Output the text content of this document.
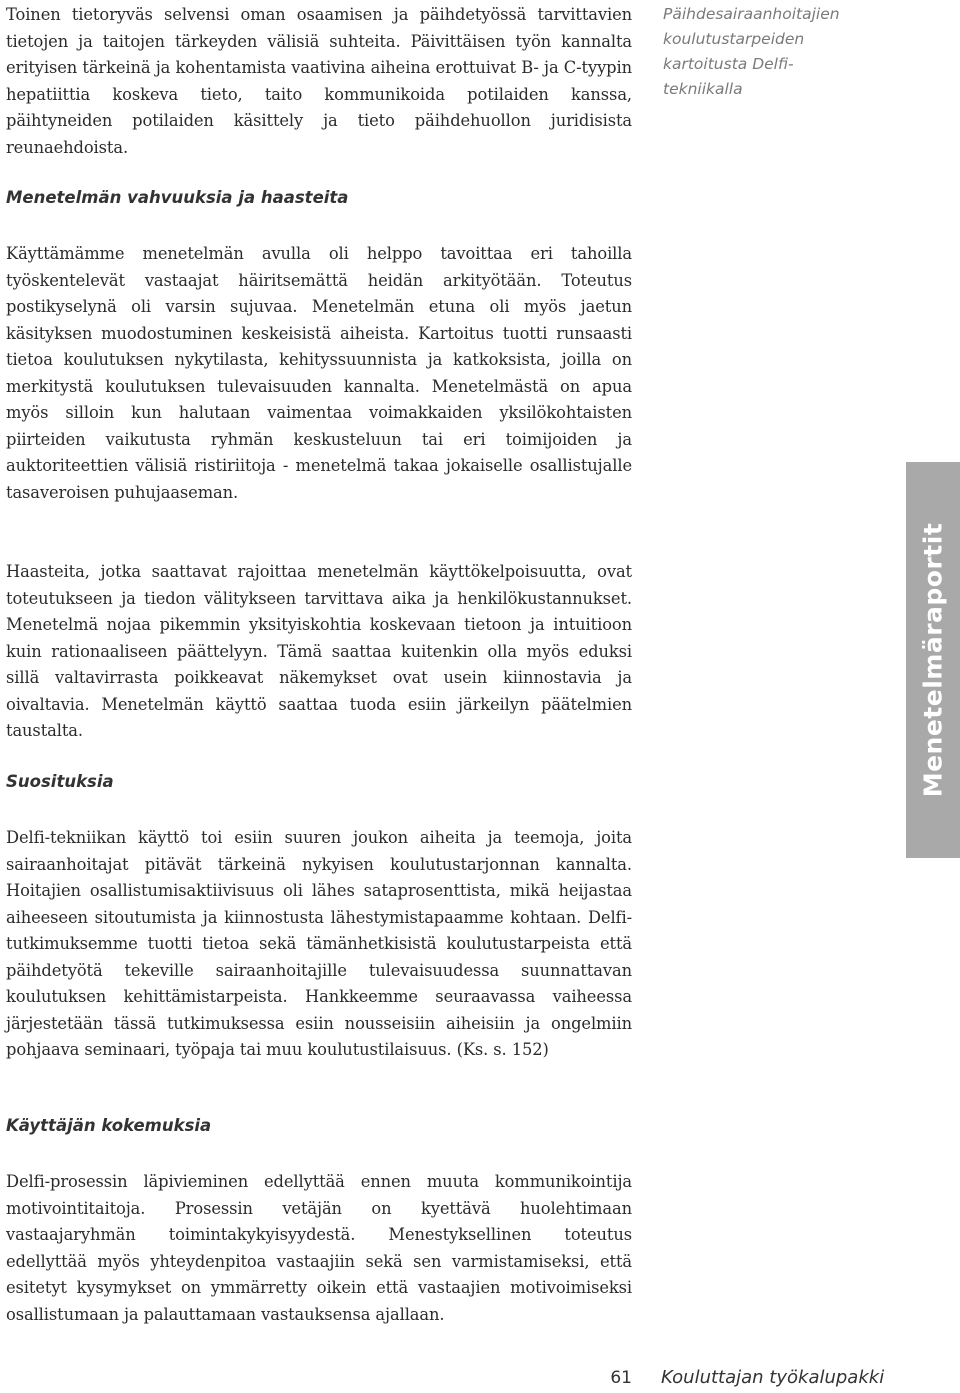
Toinen tietoryväs selvensi oman osaamisen ja päihdetyössä tarvittavien tietojen ja taitojen tärkeyden välisiä suhteita. Päivittäisen työn kannalta erityisen tärkeinä ja kohentamista vaativina aiheina erottuivat B- ja C-tyypin hepatiittia koskeva tieto, taito kommunikoida potilaiden kanssa, päihtyneiden potilaiden käsittely ja tieto päihdehuollon juridisista reunaehdoista.

Menetelmän vahvuuksia ja haasteita

Käyttämämme menetelmän avulla oli helppo tavoittaa eri tahoilla työskentelevät vastaajat häiritsemättä heidän arkityötään. Toteutus postikyselynä oli varsin sujuvaa. Menetelmän etuna oli myös jaetun käsityksen muodostuminen keskeisistä aiheista. Kartoitus tuotti runsaasti tietoa koulutuksen nykytilasta, kehityssuunnista ja katkoksista, joilla on merkitystä koulutuksen tulevaisuuden kannalta. Menetelmästä on apua myös silloin kun halutaan vaimentaa voimakkaiden yksilökohtaisten piirteiden vaikutusta ryhmän keskusteluun tai eri toimijoiden ja auktoriteettien välisiä ristiriitoja - menetelmä takaa jokaiselle osallistujalle tasaveroisen puhujaaseman.

Haasteita, jotka saattavat rajoittaa menetelmän käyttökelpoisuutta, ovat toteutukseen ja tiedon välitykseen tarvittava aika ja henkilökustannukset. Menetelmä nojaa pikemmin yksityiskohtia koskevaan tietoon ja intuitioon kuin rationaaliseen päättelyyn. Tämä saattaa kuitenkin olla myös eduksi sillä valtavirrasta poikkeavat näkemykset ovat usein kiinnostavia ja oivaltavia. Menetelmän käyttö saattaa tuoda esiin järkeilyn päätelmien taustalta.

Suosituksia

Delfi-tekniikan käyttö toi esiin suuren joukon aiheita ja teemoja, joita sairaanhoitajat pitävät tärkeinä nykyisen koulutustarjonnan kannalta. Hoitajien osallistumisaktiivisuus oli lähes sataprosenttista, mikä heijastaa aiheeseen sitoutumista ja kiinnostusta lähestymistapaamme kohtaan. Delfi-tutkimuksemme tuotti tietoa sekä tämänhetkisistä koulutustarpeista että päihdetyötä tekeville sairaanhoitajille tulevaisuudessa suunnattavan koulutuksen kehittämistarpeista. Hankkeemme seuraavassa vaiheessa järjestetään tässä tutkimuksessa esiin nousseisiin aiheisiin ja ongelmiin pohjaava seminaari, työpaja tai muu koulutustilaisuus. (Ks. s. 152)

Käyttäjän kokemuksia

Delfi-prosessin läpivieminen edellyttää ennen muuta kommunikointija motivointitaitoja. Prosessin vetäjän on kyettävä huolehtimaan vastaajaryhmän toimintakykyisyydestä. Menestyksellinen toteutus edellyttää myös yhteydenpitoa vastaajiin sekä sen varmistamiseksi, että esitetyt kysymykset on ymmärretty oikein että vastaajien motivoimiseksi osallistumaan ja palauttamaan vastauksensa ajallaan.

Päihdesairaanhoitajien koulutustarpeiden kartoitusta Delfi-tekniikalla

Menetelmäraportit
61 Kouluttajan työkalupakki
